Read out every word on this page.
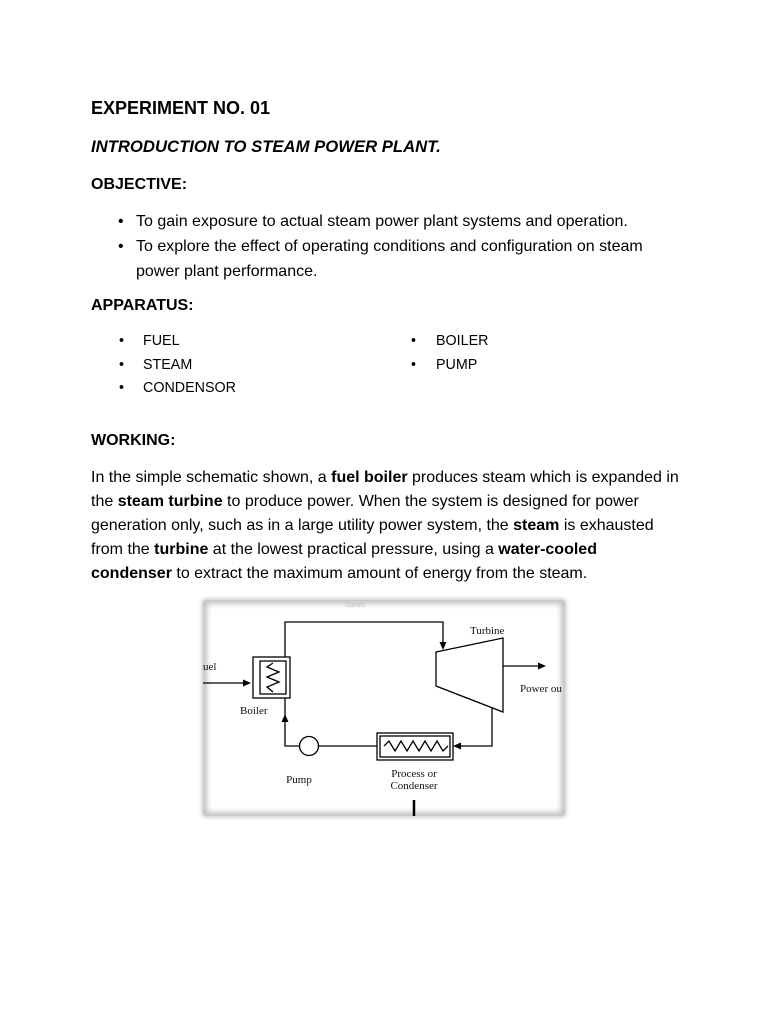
EXPERIMENT NO. 01
INTRODUCTION TO STEAM POWER PLANT.
OBJECTIVE:
• To gain exposure to actual steam power plant systems and operation.
• To explore the effect of operating conditions and configuration on steam power plant performance.
APPARATUS:
• FUEL
• STEAM
• CONDENSOR
• BOILER
• PUMP
WORKING:
In the simple schematic shown, a fuel boiler produces steam which is expanded in
the steam turbine to produce power. When the system is designed for power
generation only, such as in a large utility power system, the steam is exhausted
from the turbine at the lowest practical pressure, using a water-cooled
condenser to extract the maximum amount of energy from the steam.
Steam
uel
Boiler
Turbine
Power ou
Process or
Condenser
Pump
